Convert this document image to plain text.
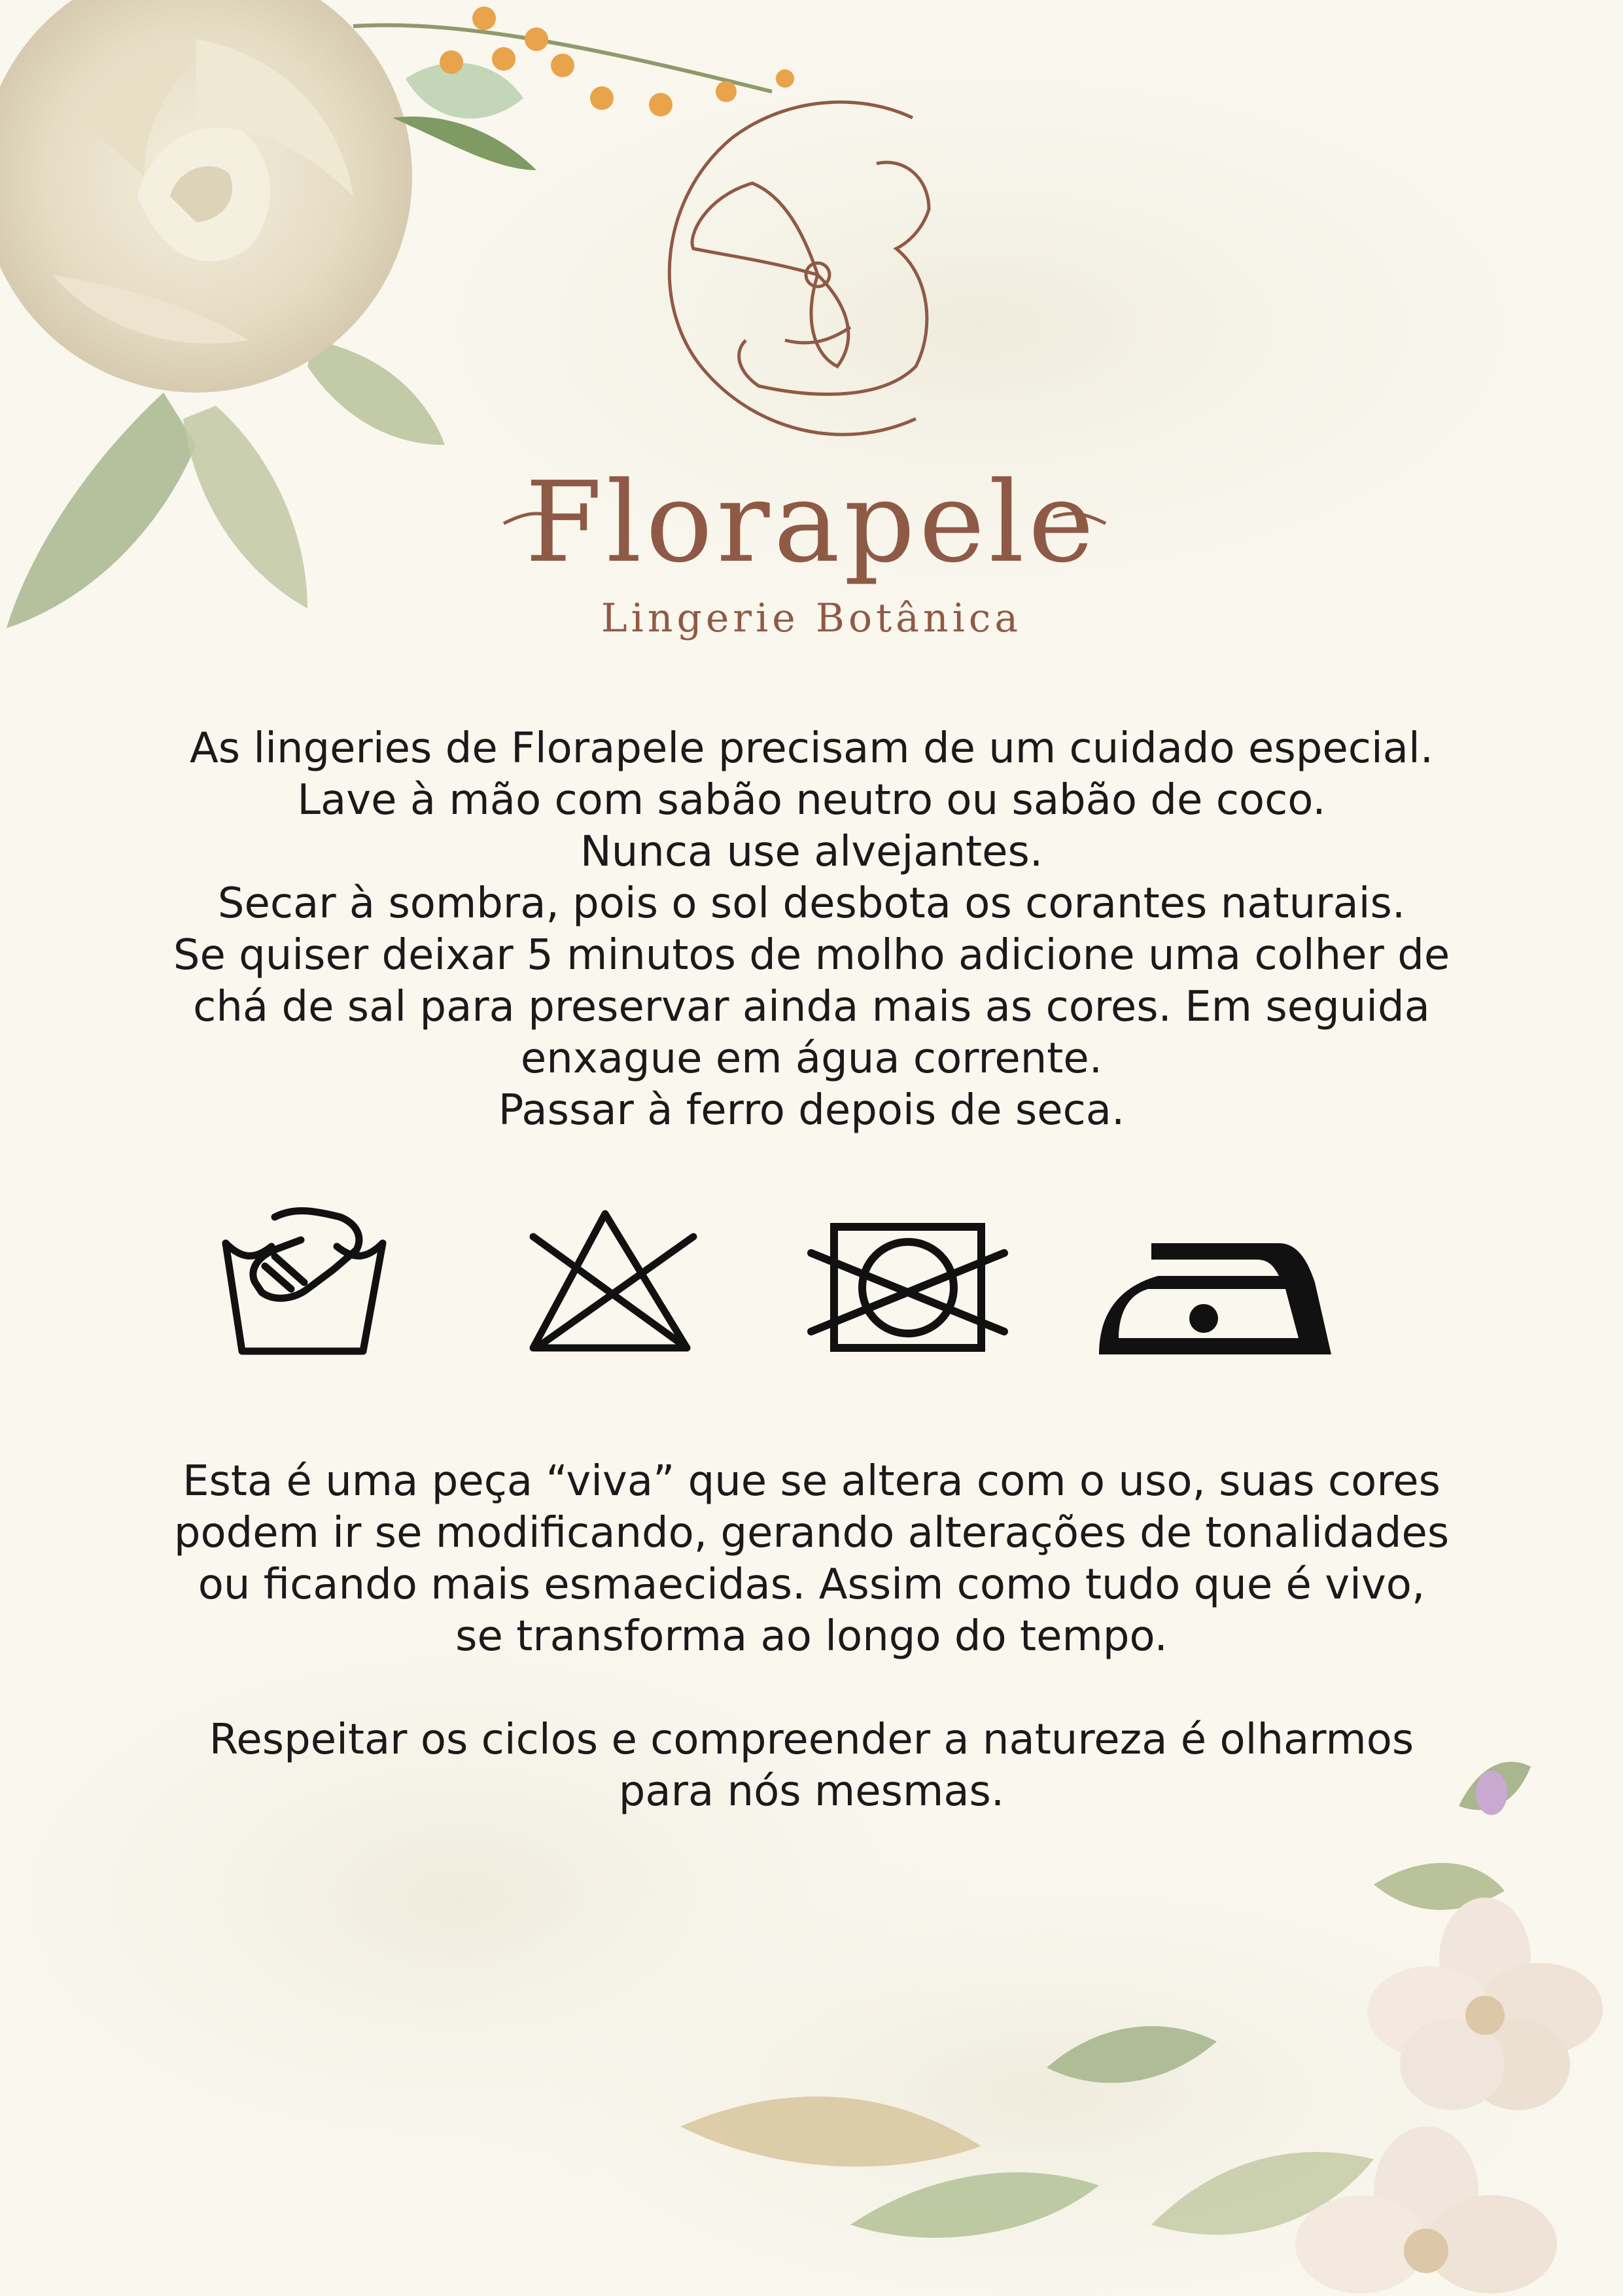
Florapele
Lingerie Botânica

As lingeries de Florapele precisam de um cuidado especial.

Lave à mão com sabão neutro ou sabão de coco.

Nunca use alvejantes.

Secar à sombra, pois o sol desbota os corantes naturais.

Se quiser deixar 5 minutos de molho adicione uma colher de

chá de sal para preservar ainda mais as cores. Em seguida

enxague em água corrente.

Passar à ferro depois de seca.

Esta é uma peça “viva” que se altera com o uso, suas cores

podem ir se modificando, gerando alterações de tonalidades

ou ficando mais esmaecidas. Assim como tudo que é vivo,

se transforma ao longo do tempo.

Respeitar os ciclos e compreender a natureza é olharmos

para nós mesmas.
